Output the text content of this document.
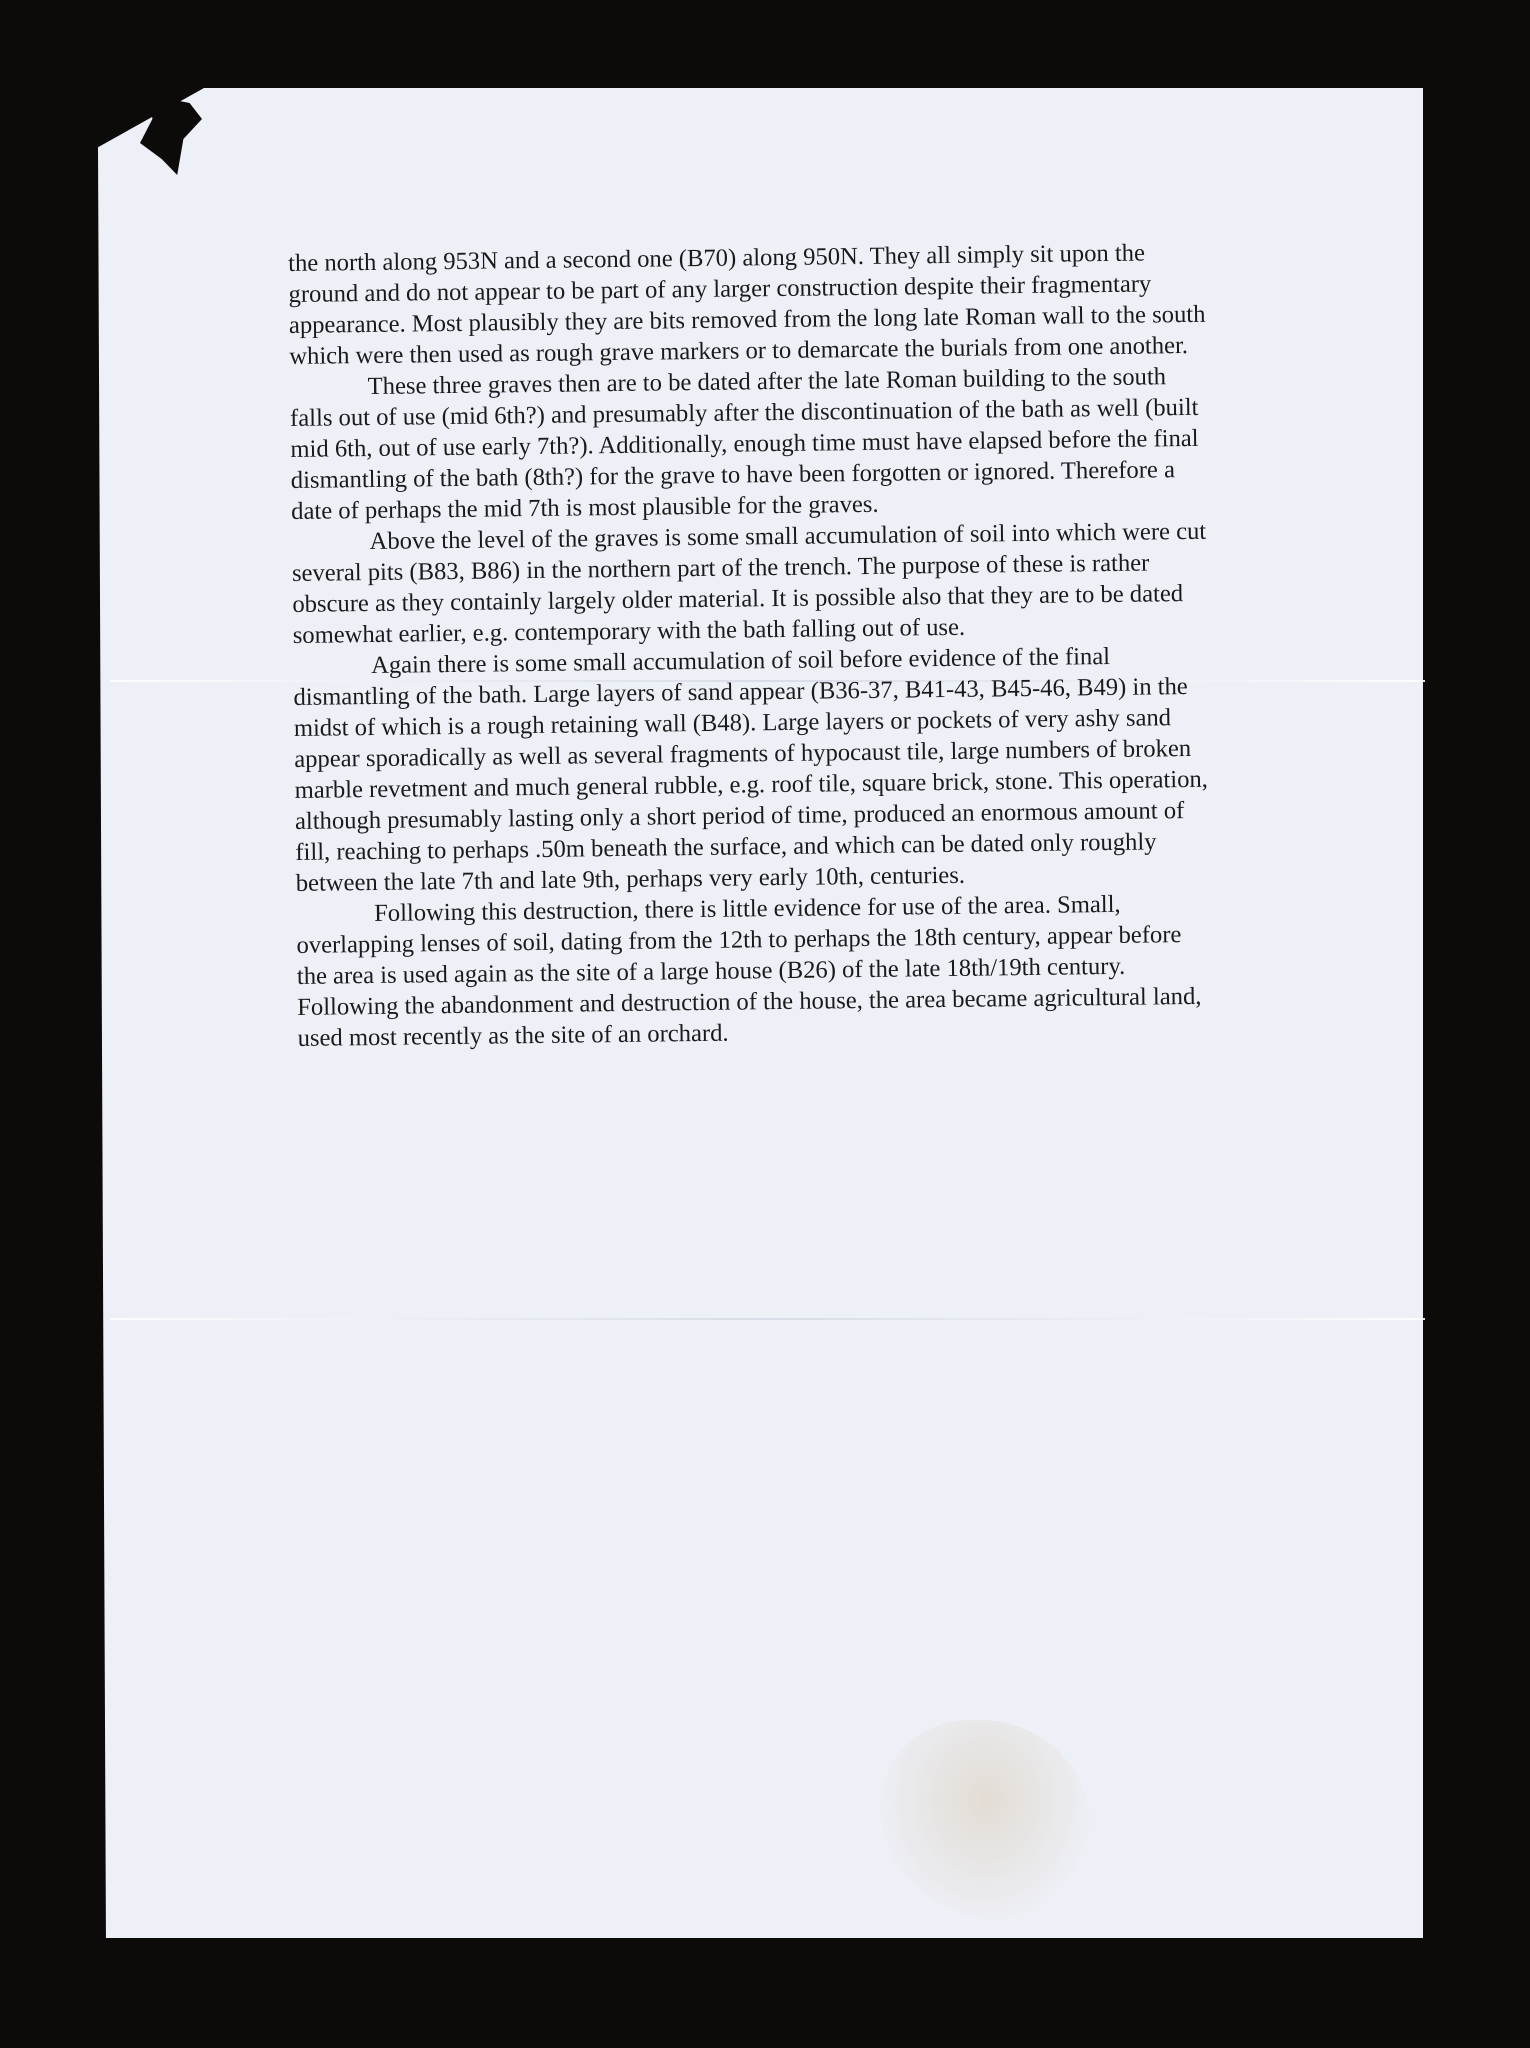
the north along 953N and a second one (B70) along 950N. They all simply sit upon the ground and do not appear to be part of any larger construction despite their fragmentary appearance. Most plausibly they are bits removed from the long late Roman wall to the south which were then used as rough grave markers or to demarcate the burials from one another.

These three graves then are to be dated after the late Roman building to the south falls out of use (mid 6th?) and presumably after the discontinuation of the bath as well (built mid 6th, out of use early 7th?). Additionally, enough time must have elapsed before the final dismantling of the bath (8th?) for the grave to have been forgotten or ignored. Therefore a date of perhaps the mid 7th is most plausible for the graves.

Above the level of the graves is some small accumulation of soil into which were cut several pits (B83, B86) in the northern part of the trench. The purpose of these is rather obscure as they containly largely older material. It is possible also that they are to be dated somewhat earlier, e.g. contemporary with the bath falling out of use.

Again there is some small accumulation of soil before evidence of the final dismantling of the bath. Large layers of sand appear (B36-37, B41-43, B45-46, B49) in the midst of which is a rough retaining wall (B48). Large layers or pockets of very ashy sand appear sporadically as well as several fragments of hypocaust tile, large numbers of broken marble revetment and much general rubble, e.g. roof tile, square brick, stone. This operation, although presumably lasting only a short period of time, produced an enormous amount of fill, reaching to perhaps .50m beneath the surface, and which can be dated only roughly between the late 7th and late 9th, perhaps very early 10th, centuries.

Following this destruction, there is little evidence for use of the area. Small, overlapping lenses of soil, dating from the 12th to perhaps the 18th century, appear before the area is used again as the site of a large house (B26) of the late 18th/19th century. Following the abandonment and destruction of the house, the area became agricultural land, used most recently as the site of an orchard.
